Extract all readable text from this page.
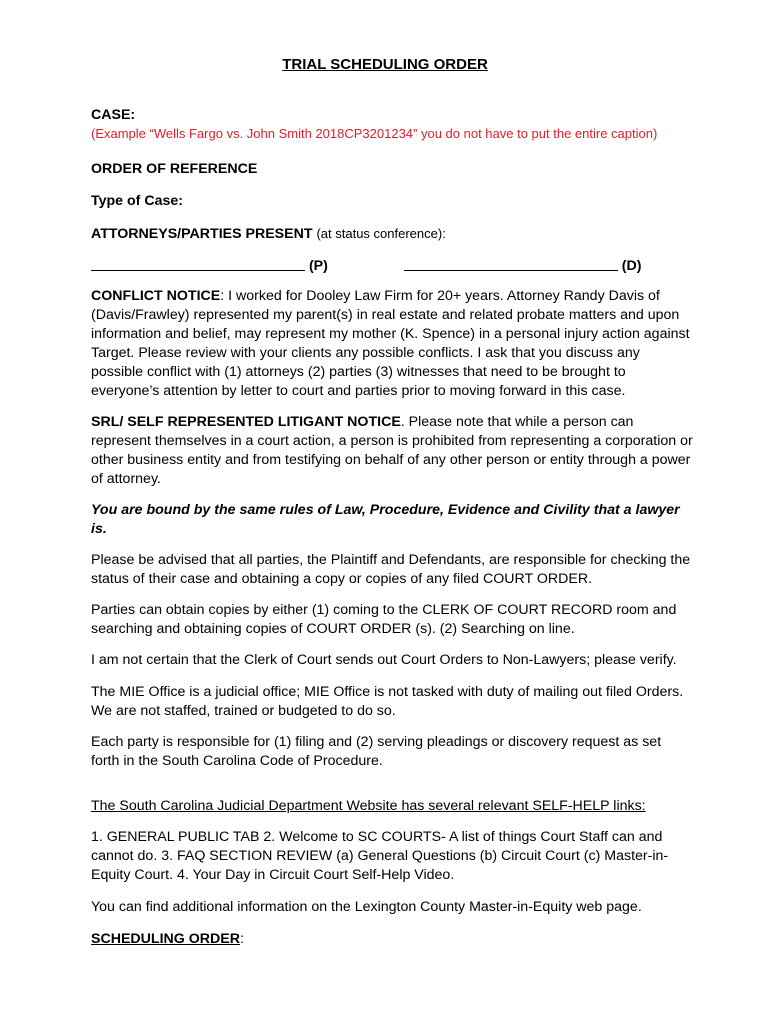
TRIAL SCHEDULING ORDER

CASE:

(Example “Wells Fargo vs. John Smith 2018CP3201234” you do not have to put the entire caption)

ORDER OF REFERENCE

Type of Case:

ATTORNEYS/PARTIES PRESENT (at status conference):

(P)	(D)

CONFLICT NOTICE: I worked for Dooley Law Firm for 20+ years. Attorney Randy Davis of (Davis/Frawley) represented my parent(s) in real estate and related probate matters and upon information and belief, may represent my mother (K. Spence) in a personal injury action against Target. Please review with your clients any possible conflicts. I ask that you discuss any possible conflict with (1) attorneys (2) parties (3) witnesses that need to be brought to everyone’s attention by letter to court and parties prior to moving forward in this case.

SRL/ SELF REPRESENTED LITIGANT NOTICE. Please note that while a person can represent themselves in a court action, a person is prohibited from representing a corporation or other business entity and from testifying on behalf of any other person or entity through a power of attorney.

You are bound by the same rules of Law, Procedure, Evidence and Civility that a lawyer is.

Please be advised that all parties, the Plaintiff and Defendants, are responsible for checking the status of their case and obtaining a copy or copies of any filed COURT ORDER.

Parties can obtain copies by either (1) coming to the CLERK OF COURT RECORD room and searching and obtaining copies of COURT ORDER (s). (2) Searching on line.

I am not certain that the Clerk of Court sends out Court Orders to Non-Lawyers; please verify.

The MIE Office is a judicial office; MIE Office is not tasked with duty of mailing out filed Orders. We are not staffed, trained or budgeted to do so.

Each party is responsible for (1) filing and (2) serving pleadings or discovery request as set forth in the South Carolina Code of Procedure.

The South Carolina Judicial Department Website has several relevant SELF-HELP links:

1. GENERAL PUBLIC TAB 2. Welcome to SC COURTS- A list of things Court Staff can and cannot do. 3. FAQ SECTION REVIEW (a) General Questions (b) Circuit Court (c) Master-in-Equity Court. 4. Your Day in Circuit Court Self-Help Video.

You can find additional information on the Lexington County Master-in-Equity web page.

SCHEDULING ORDER:
